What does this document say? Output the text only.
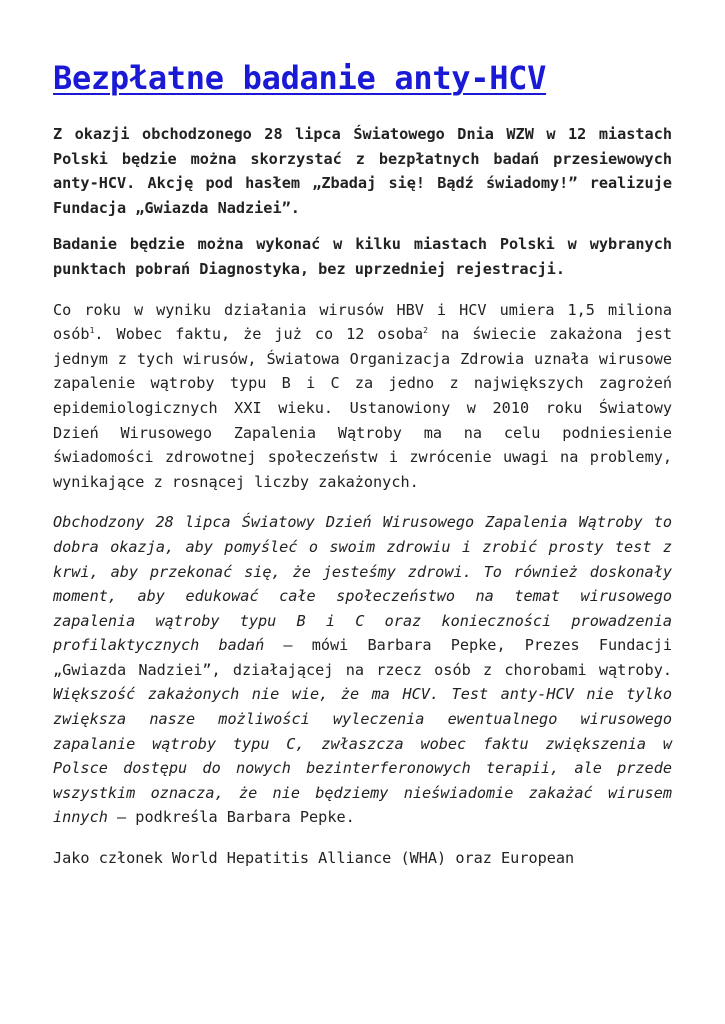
Bezpłatne badanie anty-HCV

Z okazji obchodzonego 28 lipca Światowego Dnia WZW w 12 miastach Polski będzie można skorzystać z bezpłatnych badań przesiewowych anty-HCV. Akcję pod hasłem „Zbadaj się! Bądź świadomy!” realizuje Fundacja „Gwiazda Nadziei”.

Badanie będzie można wykonać w kilku miastach Polski w wybranych punktach pobrań Diagnostyka, bez uprzedniej rejestracji.

Co roku w wyniku działania wirusów HBV i HCV umiera 1,5 miliona osób$^1$. Wobec faktu, że już co 12 osoba$^2$ na świecie zakażona jest jednym z tych wirusów, Światowa Organizacja Zdrowia uznała wirusowe zapalenie wątroby typu B i C za jedno z największych zagrożeń epidemiologicznych XXI wieku. Ustanowiony w 2010 roku Światowy Dzień Wirusowego Zapalenia Wątroby ma na celu podniesienie świadomości zdrowotnej społeczeństw i zwrócenie uwagi na problemy, wynikające z rosnącej liczby zakażonych.

Obchodzony 28 lipca Światowy Dzień Wirusowego Zapalenia Wątroby to dobra okazja, aby pomyśleć o swoim zdrowiu i zrobić prosty test z krwi, aby przekonać się, że jesteśmy zdrowi. To również doskonały moment, aby edukować całe społeczeństwo na temat wirusowego zapalenia wątroby typu B i C oraz konieczności prowadzenia profilaktycznych badań – mówi Barbara Pepke, Prezes Fundacji „Gwiazda Nadziei”, działającej na rzecz osób z chorobami wątroby. Większość zakażonych nie wie, że ma HCV. Test anty-HCV nie tylko zwiększa nasze możliwości wyleczenia ewentualnego wirusowego zapalanie wątroby typu C, zwłaszcza wobec faktu zwiększenia w Polsce dostępu do nowych bezinterferonowych terapii, ale przede wszystkim oznacza, że nie będziemy nieświadomie zakażać wirusem innych – podkreśla Barbara Pepke.

Jako członek World Hepatitis Alliance (WHA) oraz European
